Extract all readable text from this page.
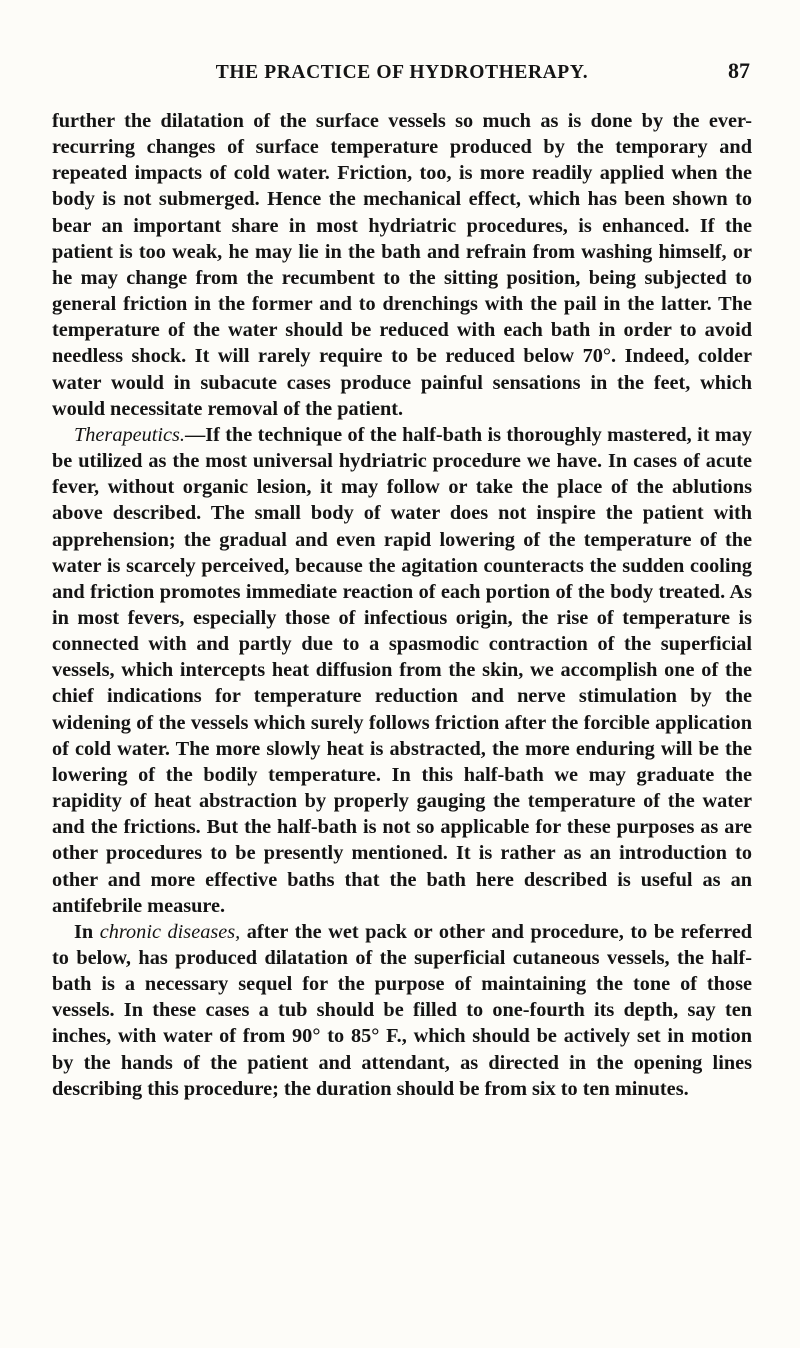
THE PRACTICE OF HYDROTHERAPY.	87

further the dilatation of the surface vessels so much as is done by the ever-recurring changes of surface temperature produced by the temporary and repeated impacts of cold water. Friction, too, is more readily applied when the body is not submerged. Hence the mechanical effect, which has been shown to bear an important share in most hydriatric procedures, is enhanced. If the patient is too weak, he may lie in the bath and refrain from washing himself, or he may change from the recumbent to the sitting position, being subjected to general friction in the former and to drenchings with the pail in the latter. The temperature of the water should be reduced with each bath in order to avoid needless shock. It will rarely require to be reduced below 70°. Indeed, colder water would in subacute cases produce painful sensations in the feet, which would necessitate removal of the patient.

Therapeutics.—If the technique of the half-bath is thoroughly mastered, it may be utilized as the most universal hydriatric procedure we have. In cases of acute fever, without organic lesion, it may follow or take the place of the ablutions above described. The small body of water does not inspire the patient with apprehension; the gradual and even rapid lowering of the temperature of the water is scarcely perceived, because the agitation counteracts the sudden cooling and friction promotes immediate reaction of each portion of the body treated. As in most fevers, especially those of infectious origin, the rise of temperature is connected with and partly due to a spasmodic contraction of the superficial vessels, which intercepts heat diffusion from the skin, we accomplish one of the chief indications for temperature reduction and nerve stimulation by the widening of the vessels which surely follows friction after the forcible application of cold water. The more slowly heat is abstracted, the more enduring will be the lowering of the bodily temperature. In this half-bath we may graduate the rapidity of heat abstraction by properly gauging the temperature of the water and the frictions. But the half-bath is not so applicable for these purposes as are other procedures to be presently mentioned. It is rather as an introduction to other and more effective baths that the bath here described is useful as an antifebrile measure.

In chronic diseases, after the wet pack or other and procedure, to be referred to below, has produced dilatation of the superficial cutaneous vessels, the half-bath is a necessary sequel for the purpose of maintaining the tone of those vessels. In these cases a tub should be filled to one-fourth its depth, say ten inches, with water of from 90° to 85° F., which should be actively set in motion by the hands of the patient and attendant, as directed in the opening lines describing this procedure; the duration should be from six to ten minutes.
